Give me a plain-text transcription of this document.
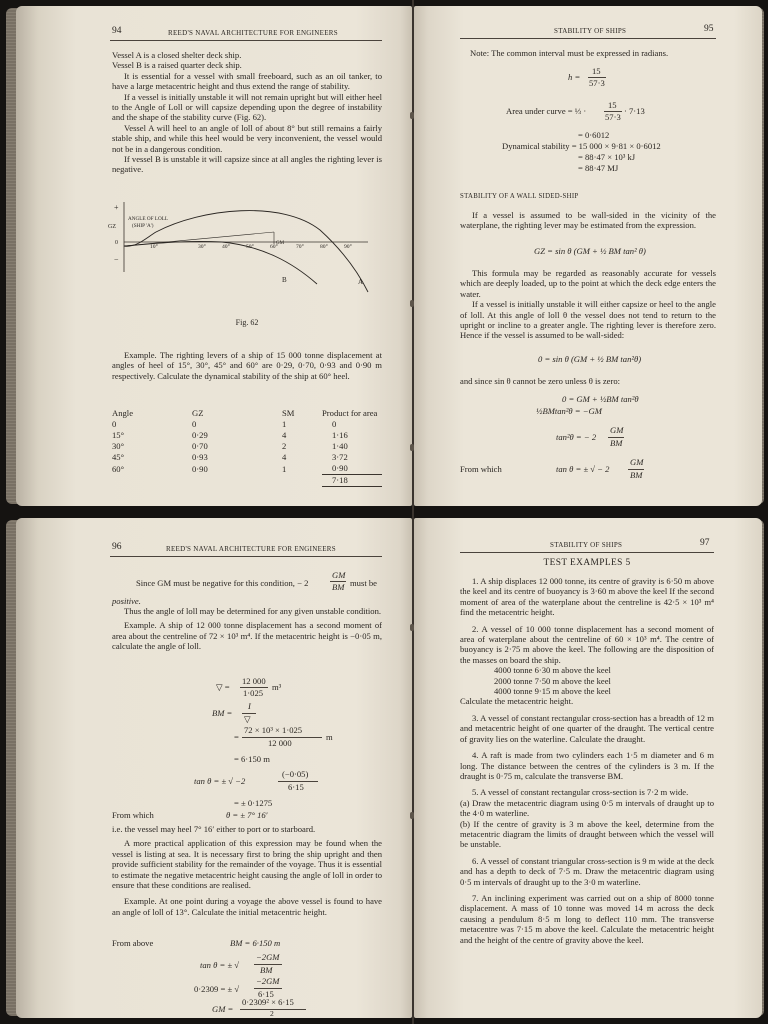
94	REED'S NAVAL ARCHITECTURE FOR ENGINEERS

Vessel A is a closed shelter deck ship.

Vessel B is a raised quarter deck ship.

It is essential for a vessel with small freeboard, such as an oil tanker, to have a large metacentric height and thus extend the range of stability.

If a vessel is initially unstable it will not remain upright but will either heel to the Angle of Loll or will capsize depending upon the degree of instability and the shape of the stability curve (Fig. 62).

Vessel A will heel to an angle of loll of about 8° but still remains a fairly stable ship, and while this heel would be very inconvenient, the vessel would not be in a dangerous condition.

If vessel B is unstable it will capsize since at all angles the righting lever is negative.

+
−
GZ
0
ANGLE OF LOLL
(SHIP 'A')
10°	30°	40°	50°	60°	70°	80°	90°
GM
B	A
Fig. 62

Example. The righting levers of a ship of 15 000 tonne displacement at angles of heel of 15°, 30°, 45° and 60° are 0·29, 0·70, 0·93 and 0·90 m respectively. Calculate the dynamical stability of the ship at 60° heel.

Angle	GZ	SM	Product for area
0	0	1	0
15°	0·29	4	1·16
30°	0·70	2	1·40
45°	0·93	4	3·72
60°	0·90	1	0·90
			7·18
STABILITY OF SHIPS	95
Note: The common interval must be expressed in radians.
h =
15
57·3
Area under curve = ⅓ ·
15
57·3
· 7·13
= 0·6012
Dynamical stability = 15 000 × 9·81 × 0·6012
= 88·47 × 10³ kJ
= 88·47 MJ
STABILITY OF A WALL SIDED-SHIP

If a vessel is assumed to be wall-sided in the vicinity of the waterplane, the righting lever may be estimated from the expression.

GZ = sin θ (GM + ½ BM tan² θ)

This formula may be regarded as reasonably accurate for vessels which are deeply loaded, up to the point at which the deck edge enters the water.

If a vessel is initially unstable it will either capsize or heel to the angle of loll. At this angle of loll θ the vessel does not tend to return to the upright or incline to a greater angle. The righting lever is therefore zero. Hence if the vessel is assumed to be wall-sided:

0 = sin θ (GM + ½ BM tan²θ)
and since sin θ cannot be zero unless θ is zero:
0 = GM + ½BM tan²θ
½BMtan²θ = −GM
tan²θ = − 2
GM
BM
From which	tan θ = ± √ − 2
GM
BM
96	REED'S NAVAL ARCHITECTURE FOR ENGINEERS
Since GM must be negative for this condition, − 2
GM
BM must be
positive.

Thus the angle of loll may be determined for any given unstable condition.

Example. A ship of 12 000 tonne displacement has a second moment of area about the centreline of 72 × 10³ m⁴. If the metacentric height is −0·05 m, calculate the angle of loll.

▽ =
12 000
1·025
m³
BM =
I
▽
=
72 × 10³ × 1·025
12 000
m
= 6·150 m
tan θ = ± √ −2
(−0·05)
6·15
= ± 0·1275
From which	θ = ± 7° 16′

i.e. the vessel may heel 7° 16′ either to port or to starboard.

A more practical application of this expression may be found when the vessel is listing at sea. It is necessary first to bring the ship upright and then provide sufficient stability for the remainder of the voyage. Thus it is essential to estimate the negative metacentric height causing the angle of loll in order to ensure that these conditions are realised.

Example. At one point during a voyage the above vessel is found to have an angle of loll of 13°. Calculate the initial metacentric height.

From above	BM = 6·150 m
tan θ = ± √
−2GM
BM
0·2309 = ± √
−2GM
6·15
GM =
0·2309² × 6·15
2
STABILITY OF SHIPS	97
TEST EXAMPLES 5

1. A ship displaces 12 000 tonne, its centre of gravity is 6·50 m above the keel and its centre of buoyancy is 3·60 m above the keel If the second moment of area of the waterplane about the centreline is 42·5 × 10³ m⁴ find the metacentric height.

2. A vessel of 10 000 tonne displacement has a second moment of area of waterplane about the centreline of 60 × 10³ m⁴. The centre of buoyancy is 2·75 m above the keel. The following are the disposition of the masses on board the ship.

4000 tonne 6·30 m above the keel
2000 tonne 7·50 m above the keel
4000 tonne 9·15 m above the keel

Calculate the metacentric height.

3. A vessel of constant rectangular cross-section has a breadth of 12 m and metacentric height of one quarter of the draught. The vertical centre of gravity lies on the waterline. Calculate the draught.

4. A raft is made from two cylinders each 1·5 m diameter and 6 m long. The distance between the centres of the cylinders is 3 m. If the draught is 0·75 m, calculate the transverse BM.

5. A vessel of constant rectangular cross-section is 7·2 m wide.

(a) Draw the metacentric diagram using 0·5 m intervals of draught up to the 4·0 m waterline.

(b) If the centre of gravity is 3 m above the keel, determine from the metacentric diagram the limits of draught between which the vessel will be unstable.

6. A vessel of constant triangular cross-section is 9 m wide at the deck and has a depth to deck of 7·5 m. Draw the metacentric diagram using 0·5 m intervals of draught up to the 3·0 m waterline.

7. An inclining experiment was carried out on a ship of 8000 tonne displacement. A mass of 10 tonne was moved 14 m across the deck causing a pendulum 8·5 m long to deflect 110 mm. The transverse metacentre was 7·15 m above the keel. Calculate the metacentric height and the height of the centre of gravity above the keel.
